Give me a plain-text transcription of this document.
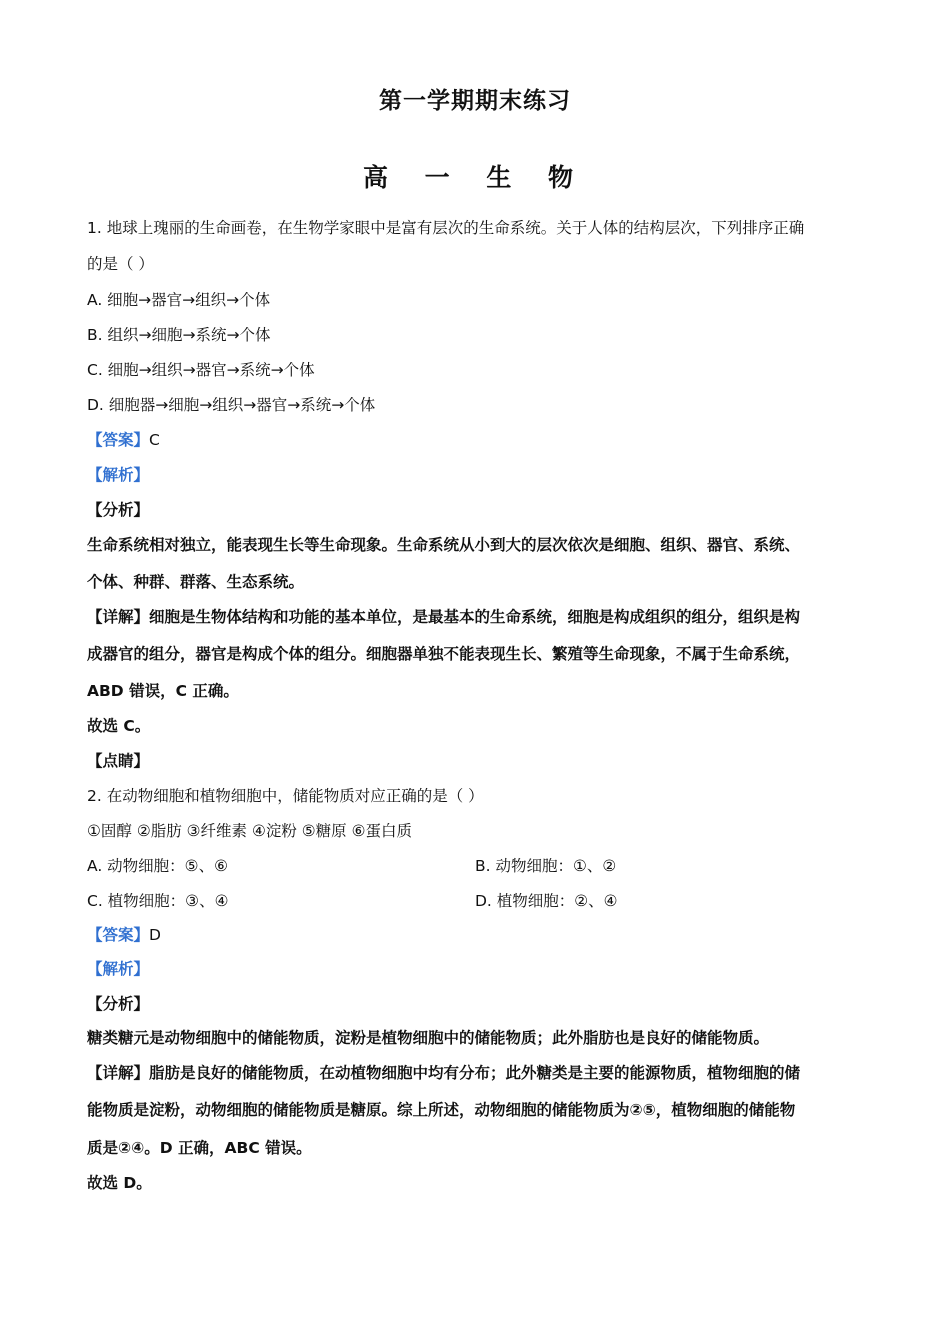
第一学期期末练习
高 一 生 物
1. 地球上瑰丽的生命画卷，在生物学家眼中是富有层次的生命系统。关于人体的结构层次，下列排序正确
的是（ ）
A. 细胞→器官→组织→个体
B. 组织→细胞→系统→个体
C. 细胞→组织→器官→系统→个体
D. 细胞器→细胞→组织→器官→系统→个体
【答案】C
【解析】
【分析】
生命系统相对独立，能表现生长等生命现象。生命系统从小到大的层次依次是细胞、组织、器官、系统、
个体、种群、群落、生态系统。
【详解】细胞是生物体结构和功能的基本单位，是最基本的生命系统，细胞是构成组织的组分，组织是构
成器官的组分，器官是构成个体的组分。细胞器单独不能表现生长、繁殖等生命现象，不属于生命系统，
ABD 错误，C 正确。
故选 C。
【点睛】
2. 在动物细胞和植物细胞中，储能物质对应正确的是（ ）
①固醇 ②脂肪 ③纤维素 ④淀粉 ⑤糖原 ⑥蛋白质
A. 动物细胞：⑤、⑥	B. 动物细胞：①、②
C. 植物细胞：③、④	D. 植物细胞：②、④
【答案】D
【解析】
【分析】
糖类糖元是动物细胞中的储能物质，淀粉是植物细胞中的储能物质；此外脂肪也是良好的储能物质。
【详解】脂肪是良好的储能物质，在动植物细胞中均有分布；此外糖类是主要的能源物质，植物细胞的储
能物质是淀粉，动物细胞的储能物质是糖原。综上所述，动物细胞的储能物质为②⑤，植物细胞的储能物
质是②④。D 正确，ABC 错误。
故选 D。
